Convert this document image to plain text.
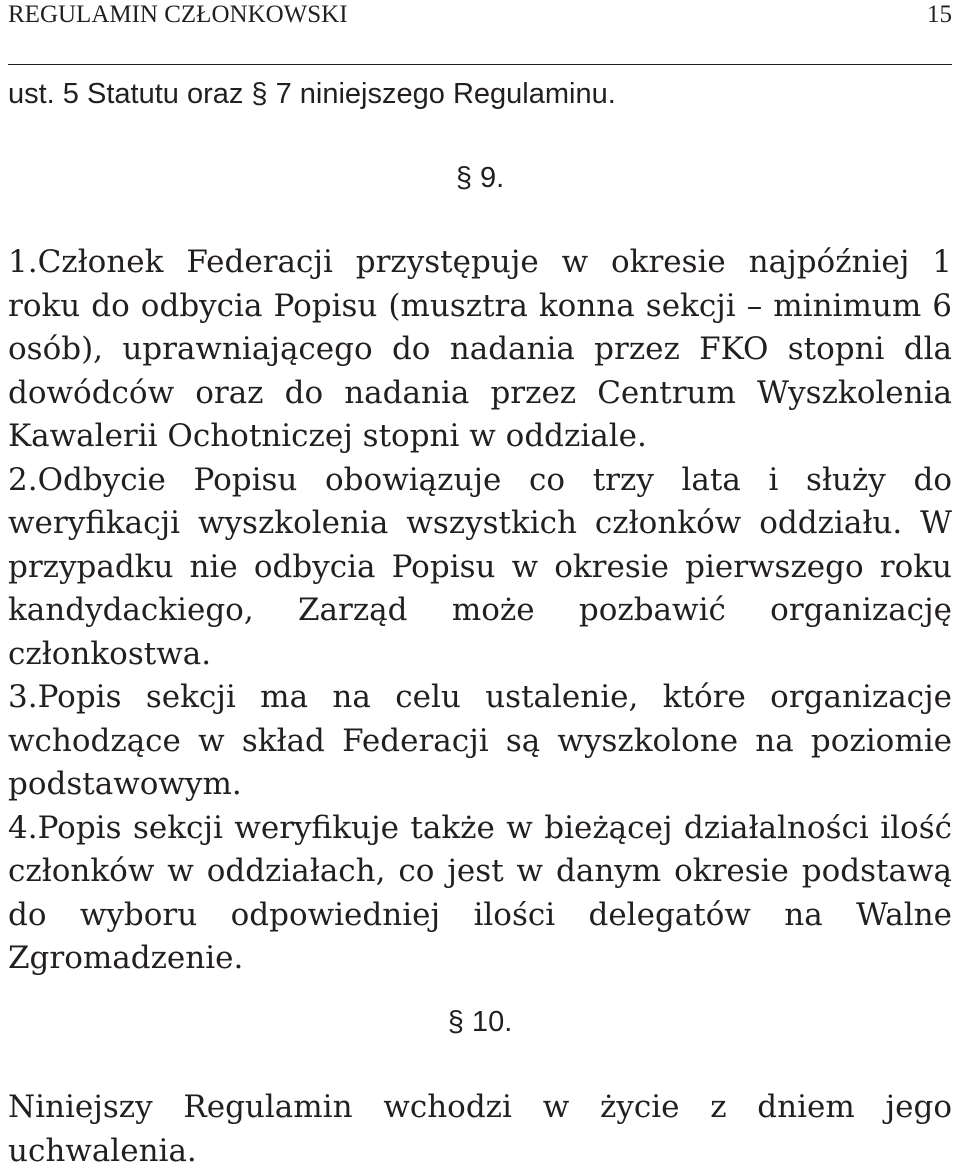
REGULAMIN CZŁONKOWSKI	15
ust. 5 Statutu oraz § 7 niniejszego Regulaminu.
§ 9.

1.Członek Federacji przystępuje w okresie najpóźniej 1 roku do odbycia Popisu (musztra konna sekcji – minimum 6 osób), uprawniającego do nadania przez FKO stopni dla dowódców oraz do nadania przez Centrum Wyszkolenia Kawalerii Ochotniczej stopni w oddziale.

2.Odbycie Popisu obowiązuje co trzy lata i służy do weryfikacji wyszkolenia wszystkich członków oddziału. W przypadku nie odbycia Popisu w okresie pierwszego roku kandydackiego, Zarząd może pozbawić organizację członkostwa.

3.Popis sekcji ma na celu ustalenie, które organizacje wchodzące w skład Federacji są wyszkolone na poziomie podstawowym.

4.Popis sekcji weryfikuje także w bieżącej działalności ilość członków w oddziałach, co jest w danym okresie podstawą do wyboru odpowiedniej ilości delegatów na Walne Zgromadzenie.

§ 10.

Niniejszy Regulamin wchodzi w życie z dniem jego uchwalenia.
